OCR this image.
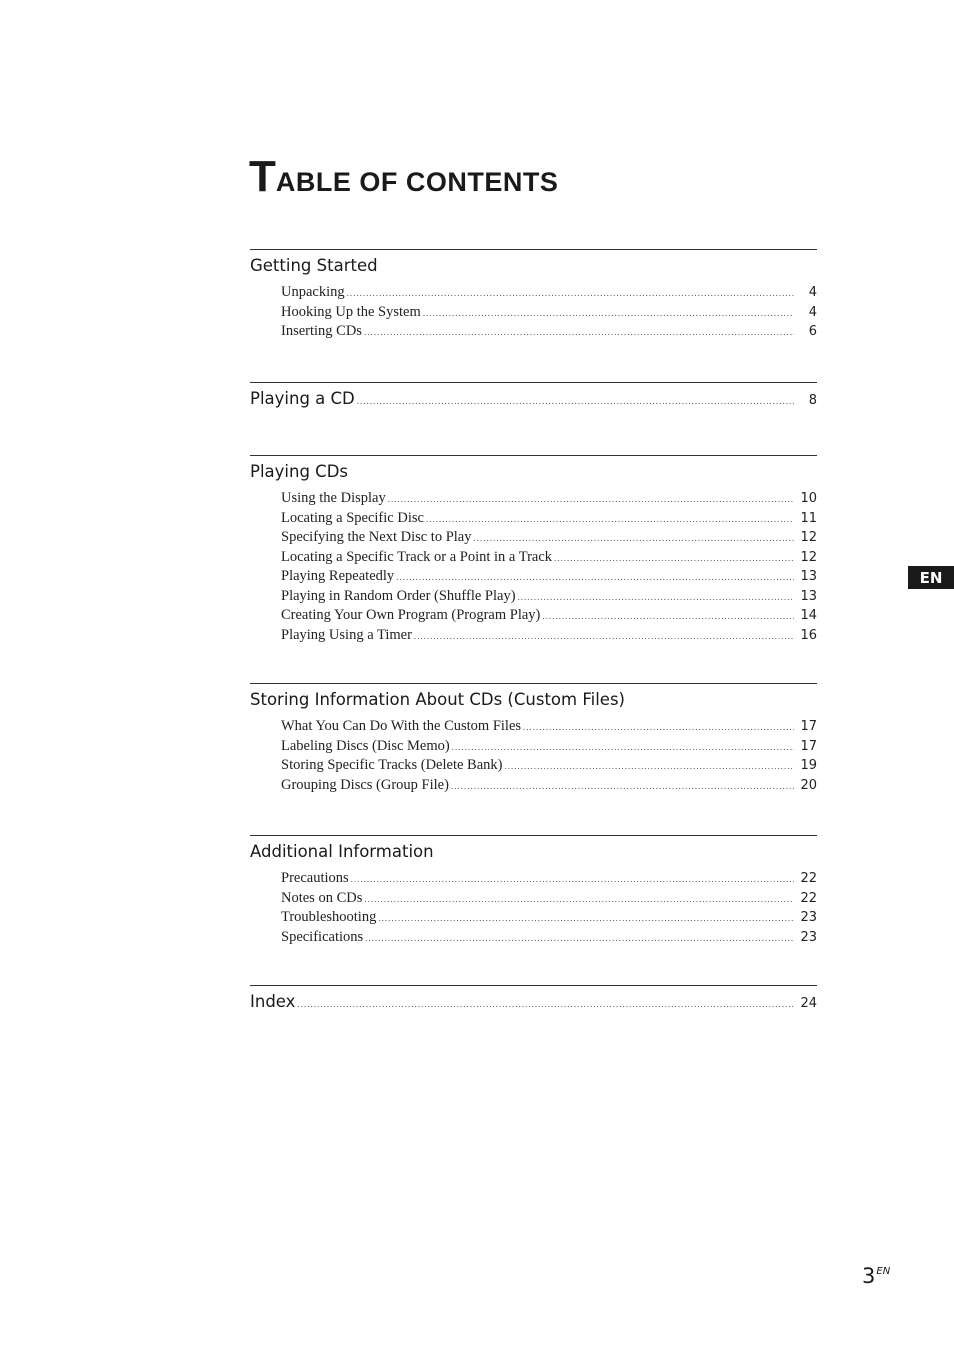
TABLE OF CONTENTS
Getting Started
Unpacking .....	4
Hooking Up the System .....	4
Inserting CDs .....	6
Playing a CD .....	8
Playing CDs
Using the Display .....	10
Locating a Specific Disc .....	11
Specifying the Next Disc to Play .....	12
Locating a Specific Track or a Point in a Track .....	12
Playing Repeatedly .....	13
Playing in Random Order (Shuffle Play) .....	13
Creating Your Own Program (Program Play) .....	14
Playing Using a Timer .....	16
Storing Information About CDs (Custom Files)
What You Can Do With the Custom Files .....	17
Labeling Discs (Disc Memo) .....	17
Storing Specific Tracks (Delete Bank) .....	19
Grouping Discs (Group File) .....	20
Additional Information
Precautions .....	22
Notes on CDs .....	22
Troubleshooting .....	23
Specifications .....	23
Index .....	24
EN
$3^{EN}$
